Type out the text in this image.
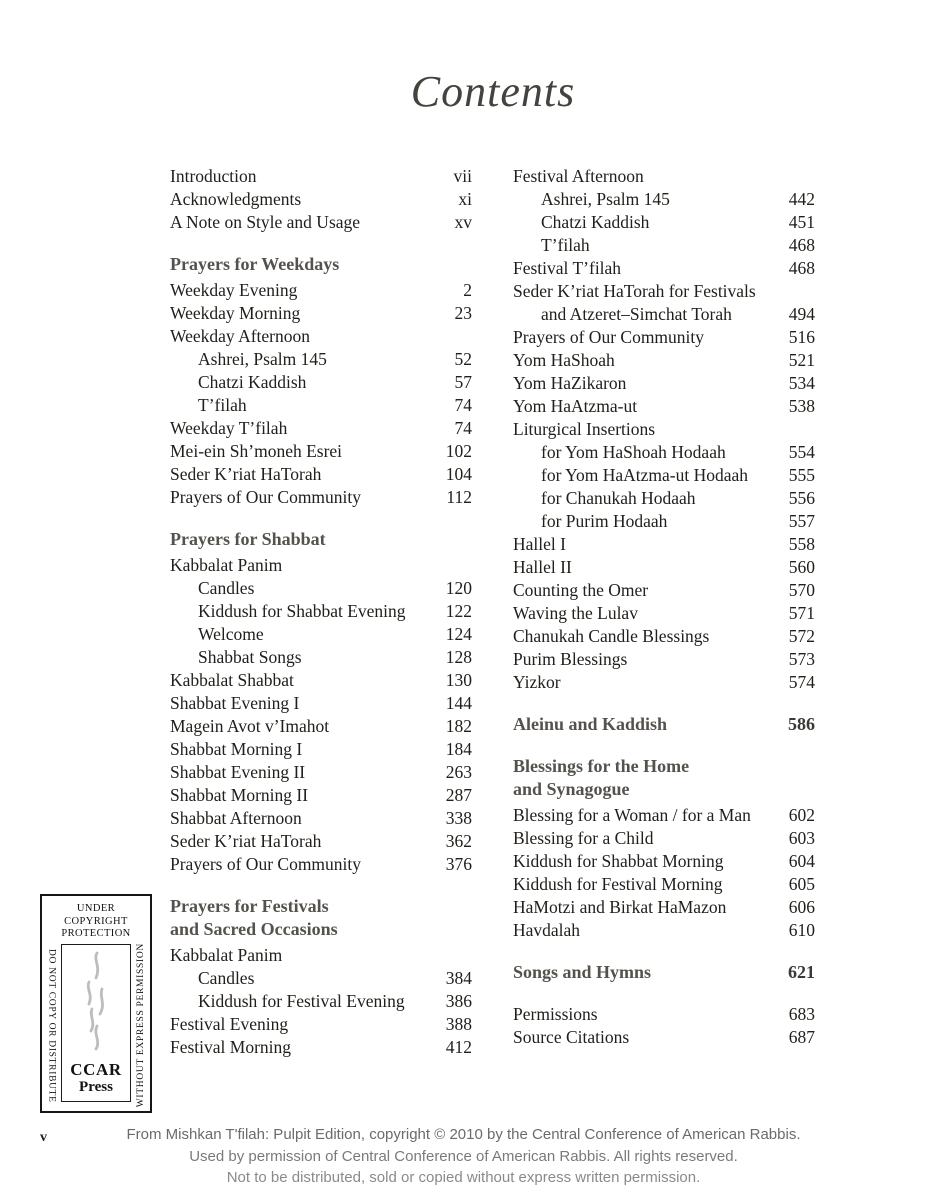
Contents
Introduction	vii
Acknowledgments	xi
A Note on Style and Usage	xv
Prayers for Weekdays
Weekday Evening	2
Weekday Morning	23
Weekday Afternoon
Ashrei, Psalm 145	52
Chatzi Kaddish	57
T’filah	74
Weekday T’filah	74
Mei-ein Sh’moneh Esrei	102
Seder K’riat HaTorah	104
Prayers of Our Community	112
Prayers for Shabbat
Kabbalat Panim
Candles	120
Kiddush for Shabbat Evening	122
Welcome	124
Shabbat Songs	128
Kabbalat Shabbat	130
Shabbat Evening I	144
Magein Avot v’Imahot	182
Shabbat Morning I	184
Shabbat Evening II	263
Shabbat Morning II	287
Shabbat Afternoon	338
Seder K’riat HaTorah	362
Prayers of Our Community	376
Prayers for Festivals
and Sacred Occasions
Kabbalat Panim
Candles	384
Kiddush for Festival Evening	386
Festival Evening	388
Festival Morning	412
Festival Afternoon
Ashrei, Psalm 145	442
Chatzi Kaddish	451
T’filah	468
Festival T’filah	468
Seder K’riat HaTorah for Festivals
and Atzeret–Simchat Torah	494
Prayers of Our Community	516
Yom HaShoah	521
Yom HaZikaron	534
Yom HaAtzma-ut	538
Liturgical Insertions
for Yom HaShoah Hodaah	554
for Yom HaAtzma-ut Hodaah	555
for Chanukah Hodaah	556
for Purim Hodaah	557
Hallel I	558
Hallel II	560
Counting the Omer	570
Waving the Lulav	571
Chanukah Candle Blessings	572
Purim Blessings	573
Yizkor	574
Aleinu and Kaddish	586
Blessings for the Home
and Synagogue
Blessing for a Woman / for a Man	602
Blessing for a Child	603
Kiddush for Shabbat Morning	604
Kiddush for Festival Morning	605
HaMotzi and Birkat HaMazon	606
Havdalah	610
Songs and Hymns	621
Permissions	683
Source Citations	687
UNDER
COPYRIGHT
PROTECTION
DO NOT COPY OR DISTRIBUTE CCAR
Press	WITHOUT EXPRESS PERMISSION
From Mishkan T'filah: Pulpit Edition, copyright © 2010 by the Central Conference of American Rabbis.
Used by permission of Central Conference of American Rabbis. All rights reserved.
Not to be distributed, sold or copied without express written permission.
v
